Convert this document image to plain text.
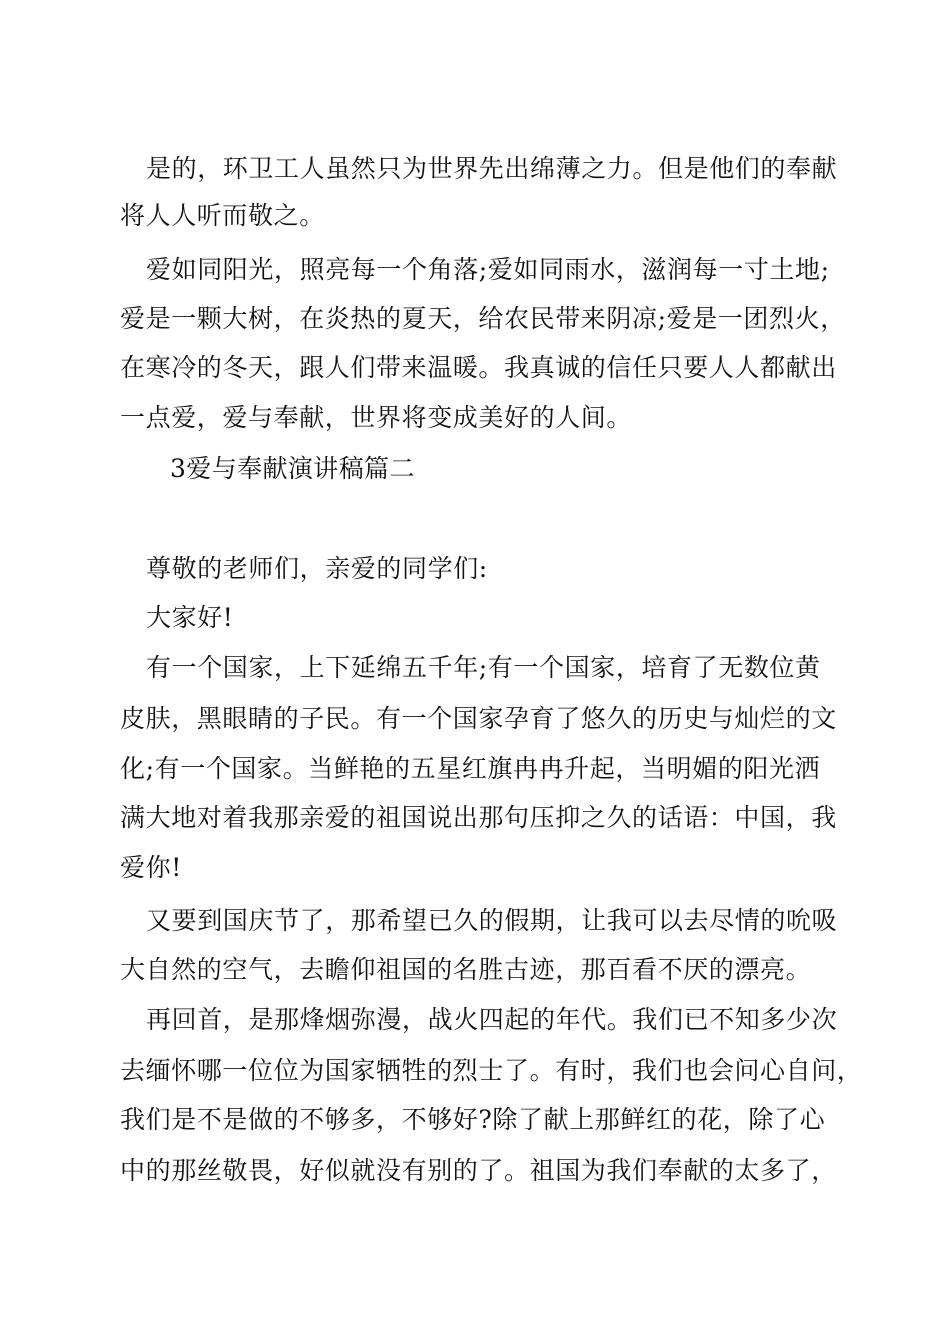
是的，环卫工人虽然只为世界先出绵薄之力。但是他们的奉献

将人人听而敬之。

爱如同阳光，照亮每一个角落;爱如同雨水，滋润每一寸土地;

爱是一颗大树，在炎热的夏天，给农民带来阴凉;爱是一团烈火，

在寒冷的冬天，跟人们带来温暖。我真诚的信任只要人人都献出

一点爱，爱与奉献，世界将变成美好的人间。

3爱与奉献演讲稿篇二

尊敬的老师们，亲爱的同学们:

大家好!

有一个国家，上下延绵五千年;有一个国家，培育了无数位黄

皮肤，黑眼睛的子民。有一个国家孕育了悠久的历史与灿烂的文

化;有一个国家。当鲜艳的五星红旗冉冉升起，当明媚的阳光洒

满大地对着我那亲爱的祖国说出那句压抑之久的话语：中国，我

爱你!

又要到国庆节了，那希望已久的假期，让我可以去尽情的吮吸

大自然的空气，去瞻仰祖国的名胜古迹，那百看不厌的漂亮。

再回首，是那烽烟弥漫，战火四起的年代。我们已不知多少次

去缅怀哪一位位为国家牺牲的烈士了。有时，我们也会问心自问，

我们是不是做的不够多，不够好?除了献上那鲜红的花，除了心

中的那丝敬畏，好似就没有别的了。祖国为我们奉献的太多了，
